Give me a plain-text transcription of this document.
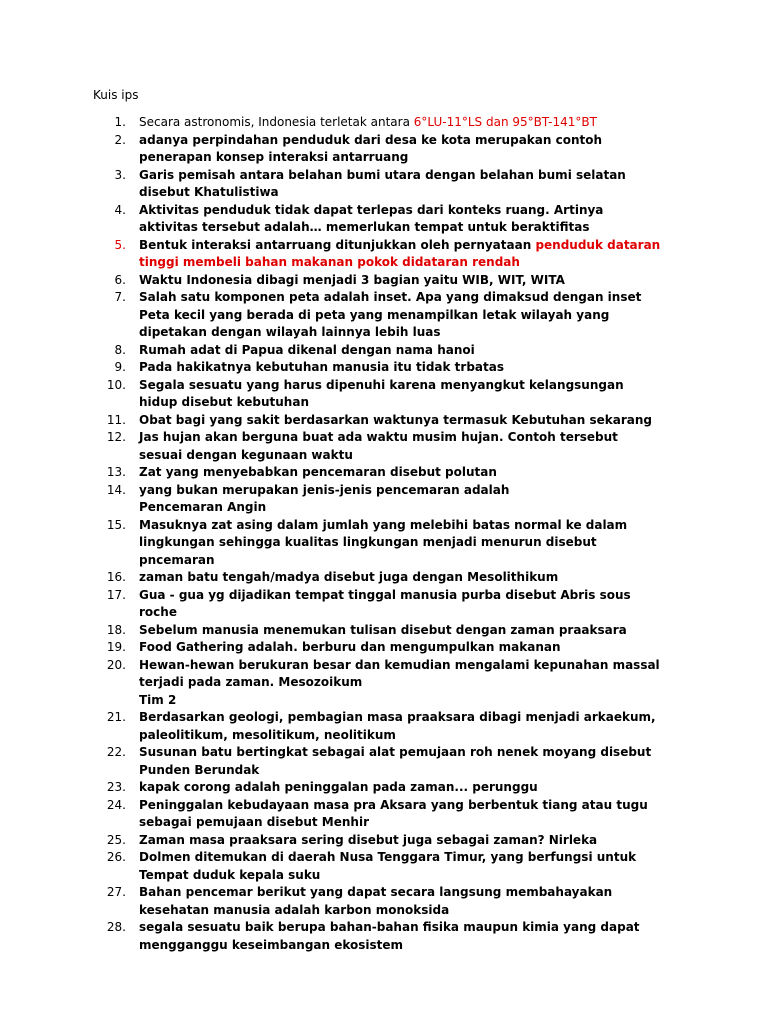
Kuis ips
1. Secara astronomis, Indonesia terletak antara 6°LU-11°LS dan 95°BT-141°BT
2. adanya perpindahan penduduk dari desa ke kota merupakan contoh penerapan konsep interaksi antarruang
3. Garis pemisah antara belahan bumi utara dengan belahan bumi selatan disebut Khatulistiwa
4. Aktivitas penduduk tidak dapat terlepas dari konteks ruang. Artinya aktivitas tersebut adalah… memerlukan tempat untuk beraktifitas
5. Bentuk interaksi antarruang ditunjukkan oleh pernyataan penduduk dataran tinggi membeli bahan makanan pokok didataran rendah
6. Waktu Indonesia dibagi menjadi 3 bagian yaitu WIB, WIT, WITA
7. Salah satu komponen peta adalah inset. Apa yang dimaksud dengan inset Peta kecil yang berada di peta yang menampilkan letak wilayah yang dipetakan dengan wilayah lainnya lebih luas
8. Rumah adat di Papua dikenal dengan nama hanoi
9. Pada hakikatnya kebutuhan manusia itu tidak trbatas
10. Segala sesuatu yang harus dipenuhi karena menyangkut kelangsungan hidup disebut kebutuhan
11. Obat bagi yang sakit berdasarkan waktunya termasuk Kebutuhan sekarang
12. Jas hujan akan berguna buat ada waktu musim hujan. Contoh tersebut sesuai dengan kegunaan waktu
13. Zat yang menyebabkan pencemaran disebut polutan
14. yang bukan merupakan jenis-jenis pencemaran adalah
Pencemaran Angin
15. Masuknya zat asing dalam jumlah yang melebihi batas normal ke dalam lingkungan sehingga kualitas lingkungan menjadi menurun disebut pncemaran
16. zaman batu tengah/madya disebut juga dengan Mesolithikum
17. Gua - gua yg dijadikan tempat tinggal manusia purba disebut Abris sous roche
18. Sebelum manusia menemukan tulisan disebut dengan zaman praaksara
19. Food Gathering adalah. berburu dan mengumpulkan makanan
20. Hewan-hewan berukuran besar dan kemudian mengalami kepunahan massal terjadi pada zaman. Mesozoikum
Tim 2
21. Berdasarkan geologi, pembagian masa praaksara dibagi menjadi arkaekum, paleolitikum, mesolitikum, neolitikum
22. Susunan batu bertingkat sebagai alat pemujaan roh nenek moyang disebut Punden Berundak
23. kapak corong adalah peninggalan pada zaman... perunggu
24. Peninggalan kebudayaan masa pra Aksara yang berbentuk tiang atau tugu sebagai pemujaan disebut Menhir
25. Zaman masa praaksara sering disebut juga sebagai zaman? Nirleka
26. Dolmen ditemukan di daerah Nusa Tenggara Timur, yang berfungsi untuk Tempat duduk kepala suku
27. Bahan pencemar berikut yang dapat secara langsung membahayakan kesehatan manusia adalah karbon monoksida
28. segala sesuatu baik berupa bahan-bahan fisika maupun kimia yang dapat mengganggu keseimbangan ekosistem
